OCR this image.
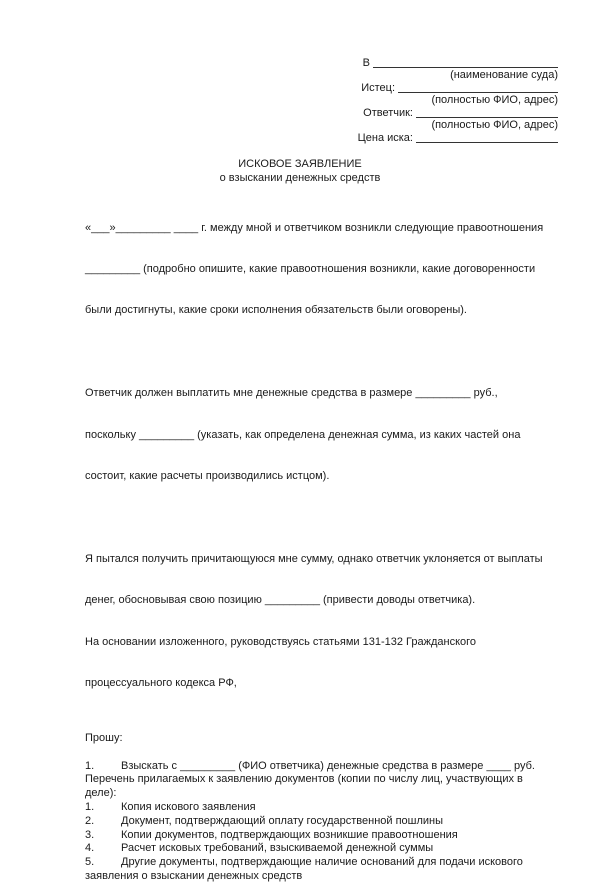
В
(наименование суда)
Истец:
(полностью ФИО, адрес)
Ответчик:
(полностью ФИО, адрес)
Цена иска:
ИСКОВОЕ ЗАЯВЛЕНИЕ
о взыскании денежных средств

«___»_________ ____ г. между мной и ответчиком возникли следующие правоотношения

_________ (подробно опишите, какие правоотношения возникли, какие договоренности

были достигнуты, какие сроки исполнения обязательств были оговорены).

Ответчик должен выплатить мне денежные средства в размере _________ руб.,

поскольку _________ (указать, как определена денежная сумма, из каких частей она

состоит, какие расчеты производились истцом).

Я пытался получить причитающуюся мне сумму, однако ответчик уклоняется от выплаты

денег, обосновывая свою позицию _________ (привести доводы ответчика).

На основании изложенного, руководствуясь статьями 131-132 Гражданского

процессуального кодекса РФ,

Прошу:
1.	Взыскать с _________ (ФИО ответчика) денежные средства в размере ____ руб.
Перечень прилагаемых к заявлению документов (копии по числу лиц, участвующих в
деле):
1.	Копия искового заявления
2.	Документ, подтверждающий оплату государственной пошлины
3.	Копии документов, подтверждающих возникшие правоотношения
4.	Расчет исковых требований, взыскиваемой денежной суммы
5.	Другие документы, подтверждающие наличие оснований для подачи искового
заявления о взыскании денежных средств
